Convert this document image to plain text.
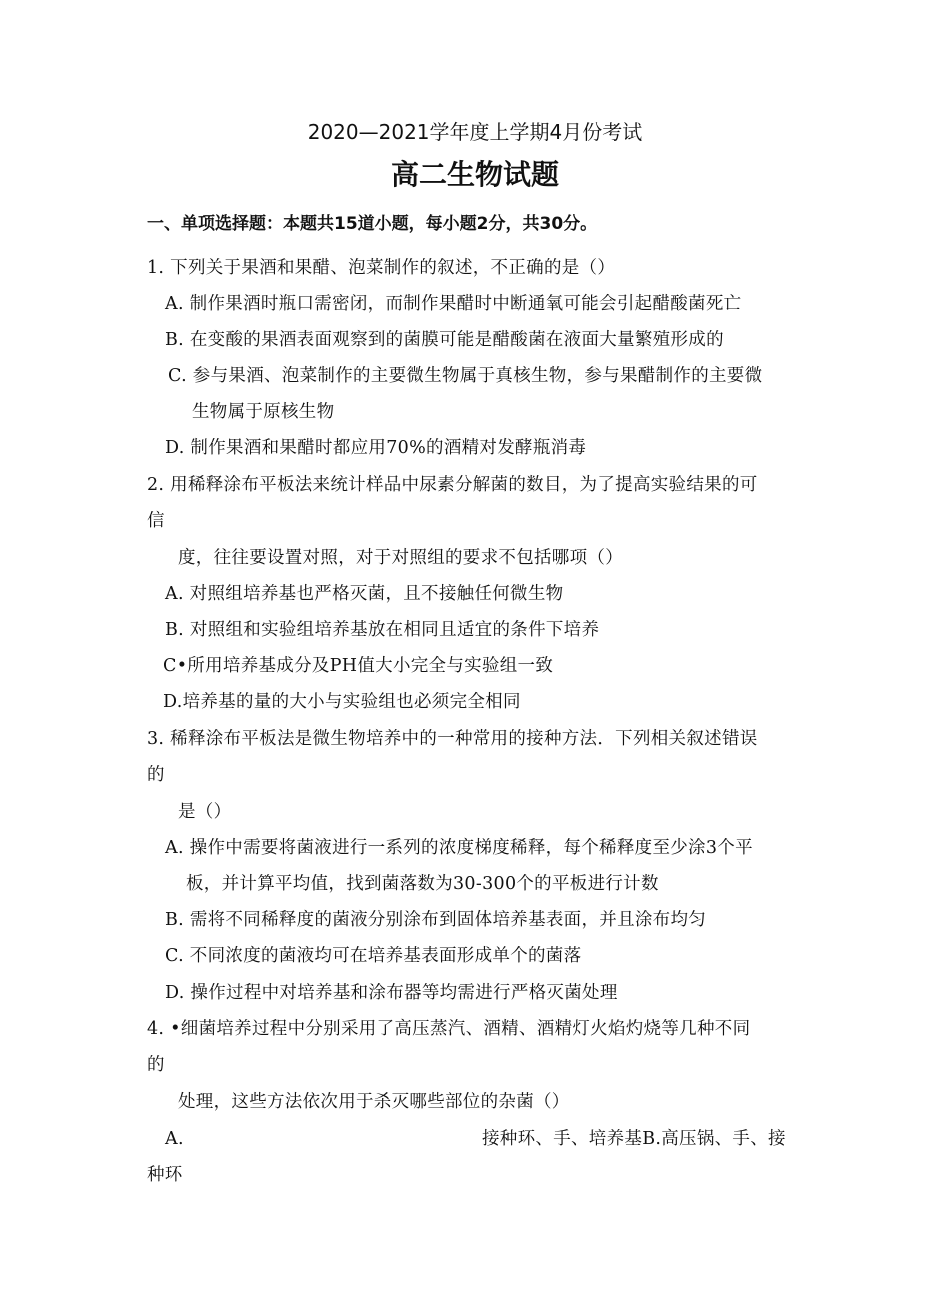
2020—2021学年度上学期4月份考试
高二生物试题
一、单项选择题：本题共15道小题，每小题2分，共30分。
1. 下列关于果酒和果醋、泡菜制作的叙述，不正确的是（）
A. 制作果酒时瓶口需密闭，而制作果醋时中断通氧可能会引起醋酸菌死亡
B. 在变酸的果酒表面观察到的菌膜可能是醋酸菌在液面大量繁殖形成的
C. 参与果酒、泡菜制作的主要微生物属于真核生物，参与果醋制作的主要微
生物属于原核生物
D. 制作果酒和果醋时都应用70%的酒精对发酵瓶消毒
2. 用稀释涂布平板法来统计样品中尿素分解菌的数目，为了提高实验结果的可
信
度，往往要设置对照，对于对照组的要求不包括哪项（）
A. 对照组培养基也严格灭菌，且不接触任何微生物
B. 对照组和实验组培养基放在相同且适宜的条件下培养
C•所用培养基成分及PH值大小完全与实验组一致
D.培养基的量的大小与实验组也必须完全相同
3. 稀释涂布平板法是微生物培养中的一种常用的接种方法．下列相关叙述错误
的
是（）
A. 操作中需要将菌液进行一系列的浓度梯度稀释，每个稀释度至少涂3个平
板，并计算平均值，找到菌落数为30-300个的平板进行计数
B. 需将不同稀释度的菌液分别涂布到固体培养基表面，并且涂布均匀
C. 不同浓度的菌液均可在培养基表面形成单个的菌落
D. 操作过程中对培养基和涂布器等均需进行严格灭菌处理
4. •细菌培养过程中分别采用了高压蒸汽、酒精、酒精灯火焰灼烧等几种不同
的
处理，这些方法依次用于杀灭哪些部位的杂菌（）
A.	接种环、手、培养基B.高压锅、手、接
种环
